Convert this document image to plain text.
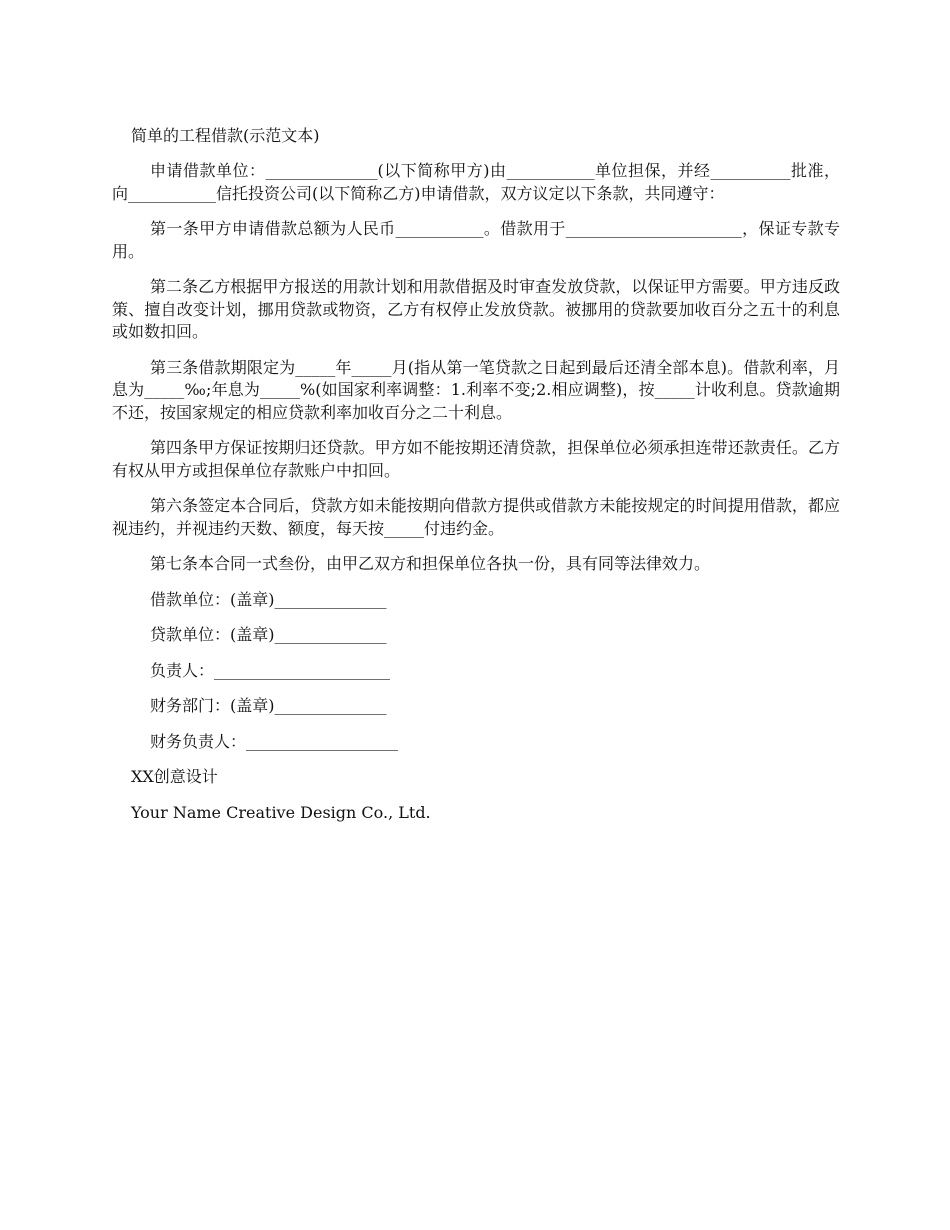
简单的工程借款(示范文本)

申请借款单位：______________(以下简称甲方)由___________单位担保，并经__________批准，向___________信托投资公司(以下简称乙方)申请借款，双方议定以下条款，共同遵守：

第一条甲方申请借款总额为人民币___________。借款用于______________________，保证专款专用。

第二条乙方根据甲方报送的用款计划和用款借据及时审查发放贷款，以保证甲方需要。甲方违反政策、擅自改变计划，挪用贷款或物资，乙方有权停止发放贷款。被挪用的贷款要加收百分之五十的利息或如数扣回。

第三条借款期限定为_____年_____月(指从第一笔贷款之日起到最后还清全部本息)。借款利率，月息为_____‰;年息为_____%(如国家利率调整：1.利率不变;2.相应调整)，按_____计收利息。贷款逾期不还，按国家规定的相应贷款利率加收百分之二十利息。

第四条甲方保证按期归还贷款。甲方如不能按期还清贷款，担保单位必须承担连带还款责任。乙方有权从甲方或担保单位存款账户中扣回。

第六条签定本合同后，贷款方如未能按期向借款方提供或借款方未能按规定的时间提用借款，都应视违约，并视违约天数、额度，每天按_____付违约金。

第七条本合同一式叁份，由甲乙双方和担保单位各执一份，具有同等法律效力。

借款单位：(盖章)______________
贷款单位：(盖章)______________
负责人：______________________
财务部门：(盖章)______________
财务负责人：___________________
XX创意设计
Your Name Creative Design Co., Ltd.
